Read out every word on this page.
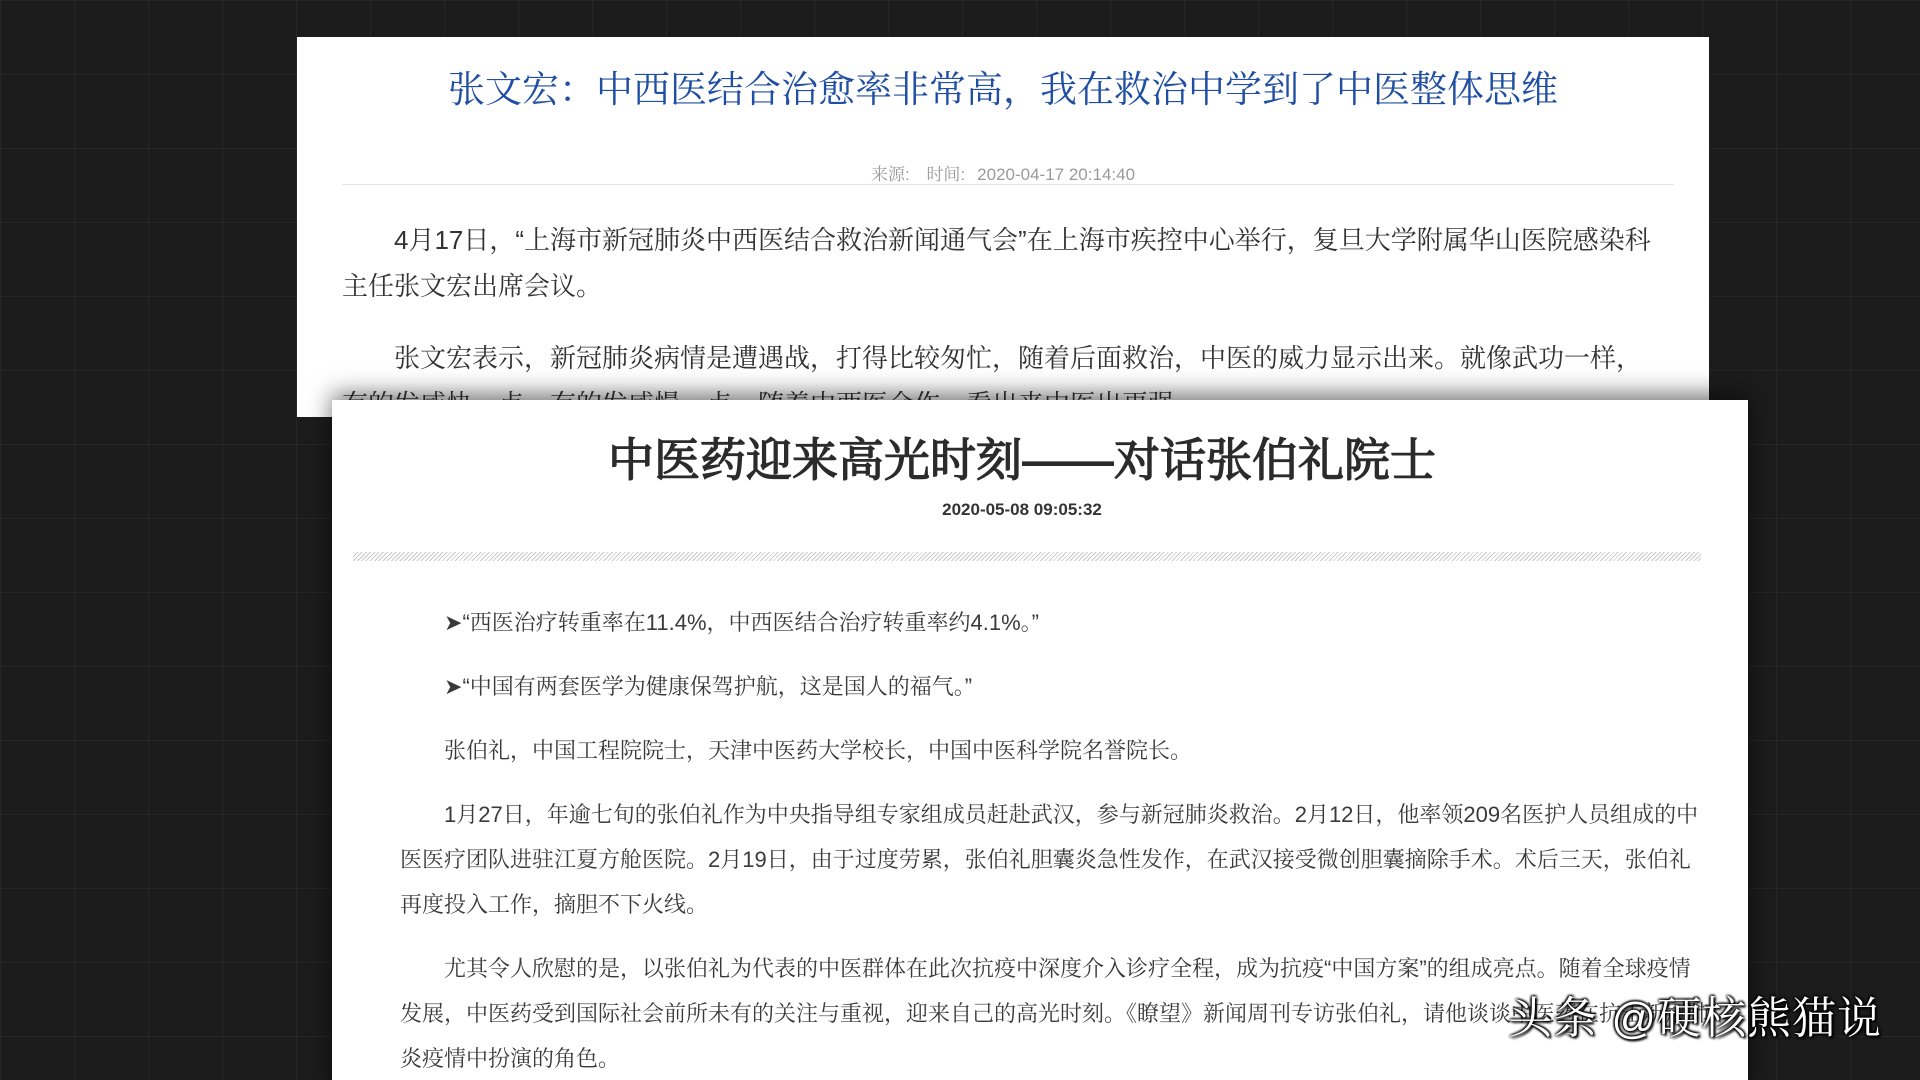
张文宏：中西医结合治愈率非常高，我在救治中学到了中医整体思维
来源: 时间: 2020-04-17 20:14:40

4月17日，“上海市新冠肺炎中西医结合救治新闻通气会”在上海市疾控中心举行，复旦大学附属华山医院感染科主任张文宏出席会议。

张文宏表示，新冠肺炎病情是遭遇战，打得比较匆忙，随着后面救治，中医的威力显示出来。就像武功一样，

中医药迎来高光时刻——对话张伯礼院士
2020-05-08 09:05:32

➤“西医治疗转重率在11.4%，中西医结合治疗转重率约4.1%。”

➤“中国有两套医学为健康保驾护航，这是国人的福气。”

张伯礼，中国工程院院士，天津中医药大学校长，中国中医科学院名誉院长。

1月27日，年逾七旬的张伯礼作为中央指导组专家组成员赶赴武汉，参与新冠肺炎救治。2月12日，他率领209名医护人员组成的中医医疗团队进驻江夏方舱医院。2月19日，由于过度劳累，张伯礼胆囊炎急性发作，在武汉接受微创胆囊摘除手术。术后三天，张伯礼再度投入工作，摘胆不下火线。

尤其令人欣慰的是，以张伯礼为代表的中医群体在此次抗疫中深度介入诊疗全程，成为抗疫“中国方案”的组成亮点。随着全球疫情发展，中医药受到国际社会前所未有的关注与重视，迎来自己的高光时刻。《瞭望》新闻周刊专访张伯礼，请他谈谈中医药在抗击新冠肺炎疫情中扮演的角色。

头条 @硬核熊猫说
